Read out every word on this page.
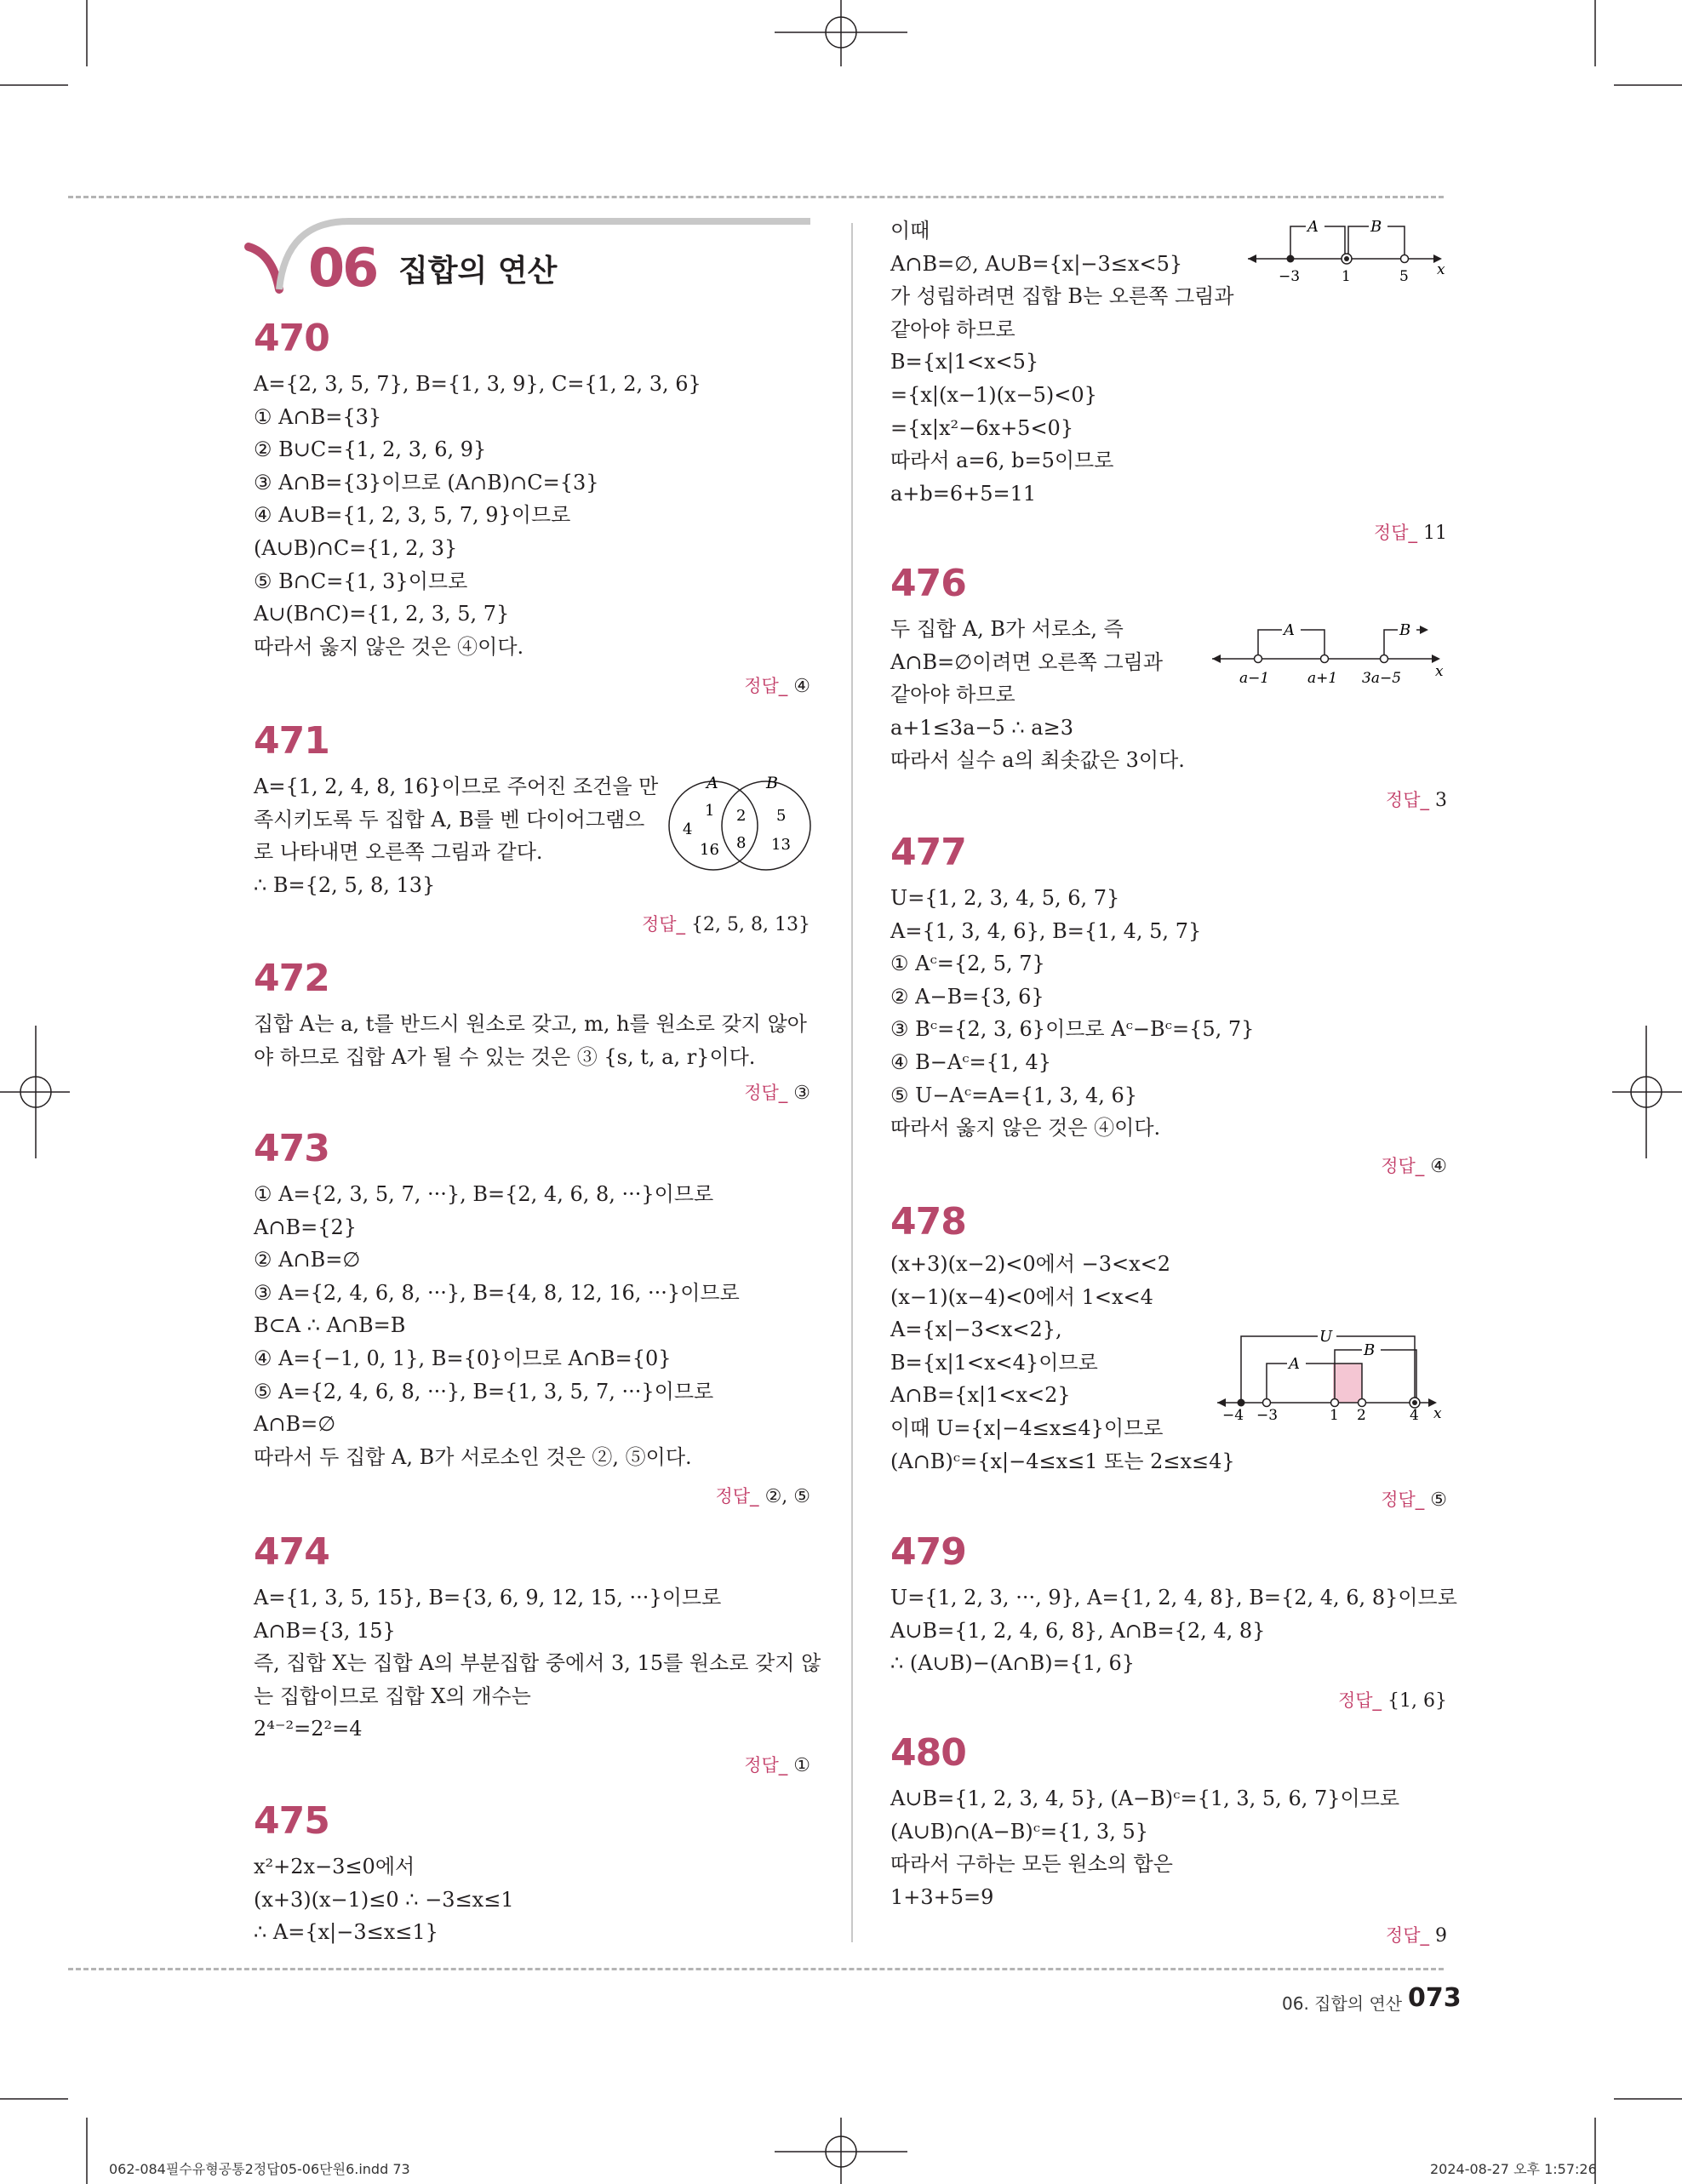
06 집합의 연산
470
A={2, 3, 5, 7}, B={1, 3, 9}, C={1, 2, 3, 6}
① A∩B={3}
② B∪C={1, 2, 3, 6, 9}
③ A∩B={3}이므로 (A∩B)∩C={3}
④ A∪B={1, 2, 3, 5, 7, 9}이므로
(A∪B)∩C={1, 2, 3}
⑤ B∩C={1, 3}이므로
A∪(B∩C)={1, 2, 3, 5, 7}
따라서 옳지 않은 것은 ④이다.
정답_ ④
471
A={1, 2, 4, 8, 16}이므로 주어진 조건을 만
족시키도록 두 집합 A, B를 벤 다이어그램으
로 나타내면 오른쪽 그림과 같다.
∴ B={2, 5, 8, 13}
A	B
1
4
16
2
8
5
13
정답_ {2, 5, 8, 13}
472
집합 A는 a, t를 반드시 원소로 갖고, m, h를 원소로 갖지 않아
야 하므로 집합 A가 될 수 있는 것은 ③ {s, t, a, r}이다.
정답_ ③
473
① A={2, 3, 5, 7, ···}, B={2, 4, 6, 8, ···}이므로
A∩B={2}
② A∩B=∅
③ A={2, 4, 6, 8, ···}, B={4, 8, 12, 16, ···}이므로
B⊂A ∴ A∩B=B
④ A={−1, 0, 1}, B={0}이므로 A∩B={0}
⑤ A={2, 4, 6, 8, ···}, B={1, 3, 5, 7, ···}이므로
A∩B=∅
따라서 두 집합 A, B가 서로소인 것은 ②, ⑤이다.
정답_ ②, ⑤
474
A={1, 3, 5, 15}, B={3, 6, 9, 12, 15, ···}이므로
A∩B={3, 15}
즉, 집합 X는 집합 A의 부분집합 중에서 3, 15를 원소로 갖지 않
는 집합이므로 집합 X의 개수는
2⁴⁻²=2²=4
정답_ ①
475
x²+2x−3≤0에서
(x+3)(x−1)≤0 ∴ −3≤x≤1
∴ A={x|−3≤x≤1}
이때
A∩B=∅, A∪B={x|−3≤x<5}
가 성립하려면 집합 B는 오른쪽 그림과
같아야 하므로
B={x|1<x<5}
={x|(x−1)(x−5)<0}
={x|x²−6x+5<0}
따라서 a=6, b=5이므로
a+b=6+5=11
A	B
−3	1	5 x
정답_ 11
476
두 집합 A, B가 서로소, 즉
A∩B=∅이려면 오른쪽 그림과
같아야 하므로
a+1≤3a−5 ∴ a≥3
따라서 실수 a의 최솟값은 3이다.
A	B
a−1	a+1 3a−5 x
정답_ 3
477
U={1, 2, 3, 4, 5, 6, 7}
A={1, 3, 4, 6}, B={1, 4, 5, 7}
① Aᶜ={2, 5, 7}
② A−B={3, 6}
③ Bᶜ={2, 3, 6}이므로 Aᶜ−Bᶜ={5, 7}
④ B−Aᶜ={1, 4}
⑤ U−Aᶜ=A={1, 3, 4, 6}
따라서 옳지 않은 것은 ④이다.
정답_ ④
478
(x+3)(x−2)<0에서 −3<x<2
(x−1)(x−4)<0에서 1<x<4
A={x|−3<x<2},
B={x|1<x<4}이므로
A∩B={x|1<x<2}
이때 U={x|−4≤x≤4}이므로
(A∩B)ᶜ={x|−4≤x≤1 또는 2≤x≤4}
U
A
B
−4 −3	1 2	4 x
정답_ ⑤
479
U={1, 2, 3, ···, 9}, A={1, 2, 4, 8}, B={2, 4, 6, 8}이므로
A∪B={1, 2, 4, 6, 8}, A∩B={2, 4, 8}
∴ (A∪B)−(A∩B)={1, 6}
정답_ {1, 6}
480
A∪B={1, 2, 3, 4, 5}, (A−B)ᶜ={1, 3, 5, 6, 7}이므로
(A∪B)∩(A−B)ᶜ={1, 3, 5}
따라서 구하는 모든 원소의 합은
1+3+5=9
정답_ 9
06. 집합의 연산 073
062-084필수유형공통2정답05-06단원6.indd 73	2024-08-27 오후 1:57:26
